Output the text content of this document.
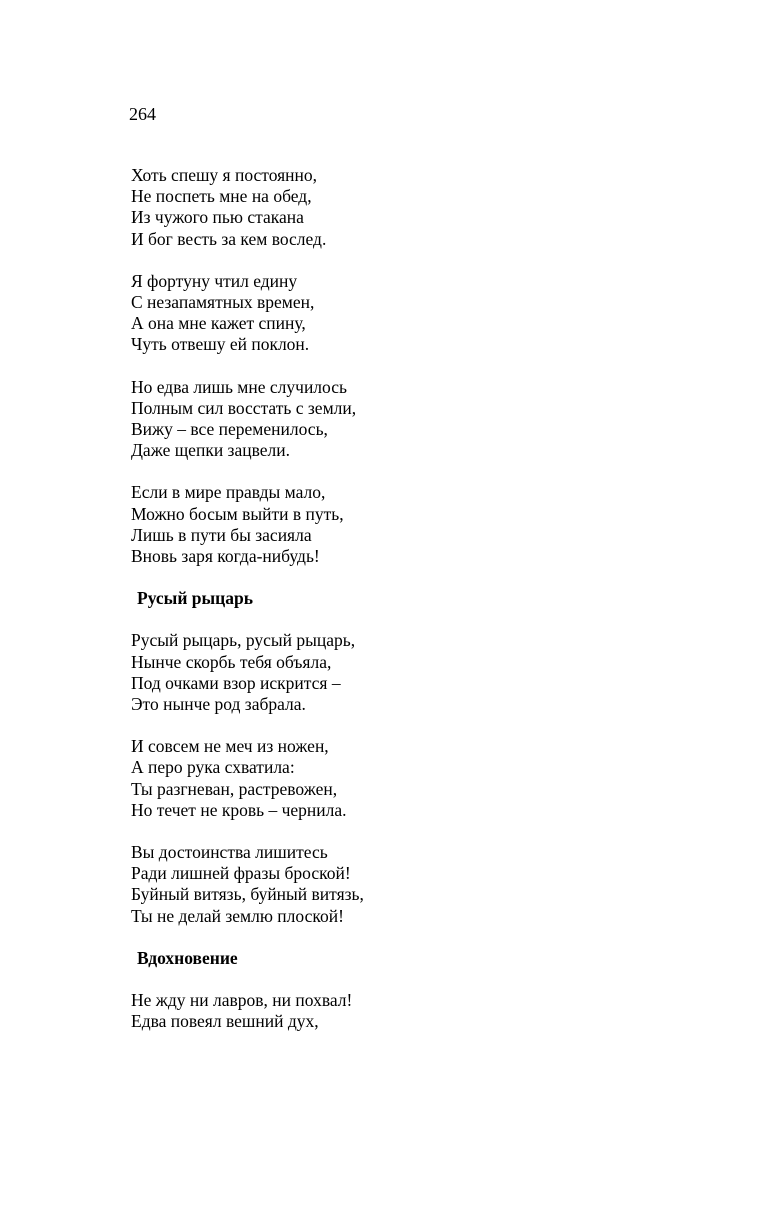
264
Хоть спешу я постоянно,
Не поспеть мне на обед,
Из чужого пью стакана
И бог весть за кем вослед.
Я фортуну чтил едину
С незапамятных времен,
А она мне кажет спину,
Чуть отвешу ей поклон.
Но едва лишь мне случилось
Полным сил восстать с земли,
Вижу – все переменилось,
Даже щепки зацвели.
Если в мире правды мало,
Можно босым выйти в путь,
Лишь в пути бы засияла
Вновь заря когда-нибудь!
Русый рыцарь
Русый рыцарь, русый рыцарь,
Нынче скорбь тебя объяла,
Под очками взор искрится –
Это нынче род забрала.
И совсем не меч из ножен,
А перо рука схватила:
Ты разгневан, растревожен,
Но течет не кровь – чернила.
Вы достоинства лишитесь
Ради лишней фразы броской!
Буйный витязь, буйный витязь,
Ты не делай землю плоской!
Вдохновение
Не жду ни лавров, ни похвал!
Едва повеял вешний дух,
